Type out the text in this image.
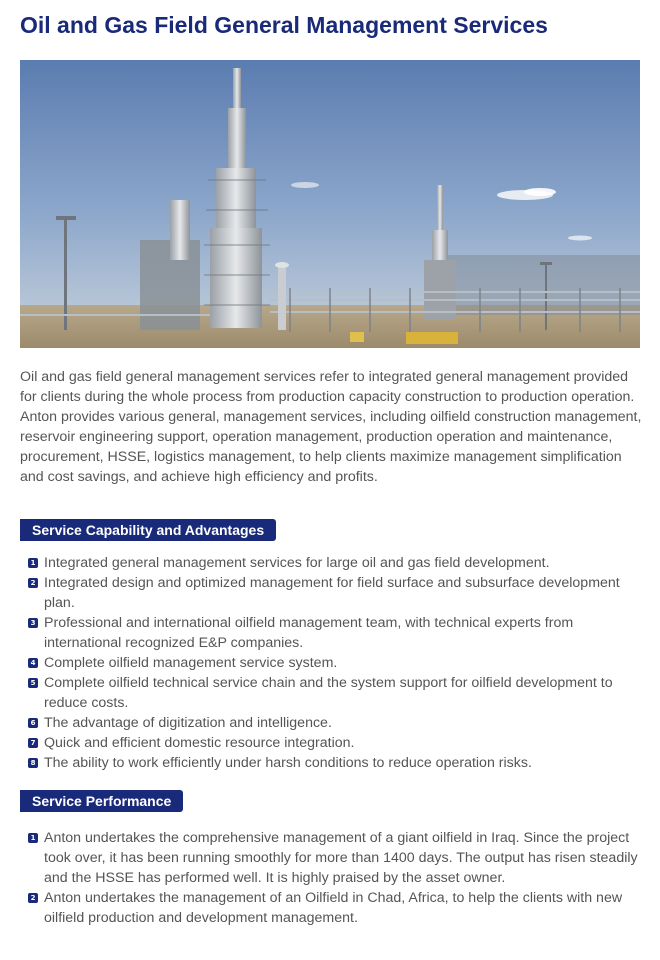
Oil and Gas Field General Management Services

Oil and gas field general management services refer to integrated general management provided for clients during the whole process from production capacity construction to production operation. Anton provides various general, management services, including oilfield construction management, reservoir engineering support, operation management, production operation and maintenance, procurement, HSSE, logistics management, to help clients maximize management simplification and cost savings, and achieve high efficiency and profits.

Service Capability and Advantages
1 Integrated general management services for large oil and gas field development.
2 Integrated design and optimized management for field surface and subsurface development plan.
3 Professional and international oilfield management team, with technical experts from international recognized E&P companies.
4 Complete oilfield management service system.
5 Complete oilfield technical service chain and the system support for oilfield development to reduce costs.
6 The advantage of digitization and intelligence.
7 Quick and efficient domestic resource integration.
8 The ability to work efficiently under harsh conditions to reduce operation risks.
Service Performance
1 Anton undertakes the comprehensive management of a giant oilfield in Iraq. Since the project took over, it has been running smoothly for more than 1400 days. The output has risen steadily and the HSSE has performed well. It is highly praised by the asset owner.
2 Anton undertakes the management of an Oilfield in Chad, Africa, to help the clients with new oilfield production and development management.
